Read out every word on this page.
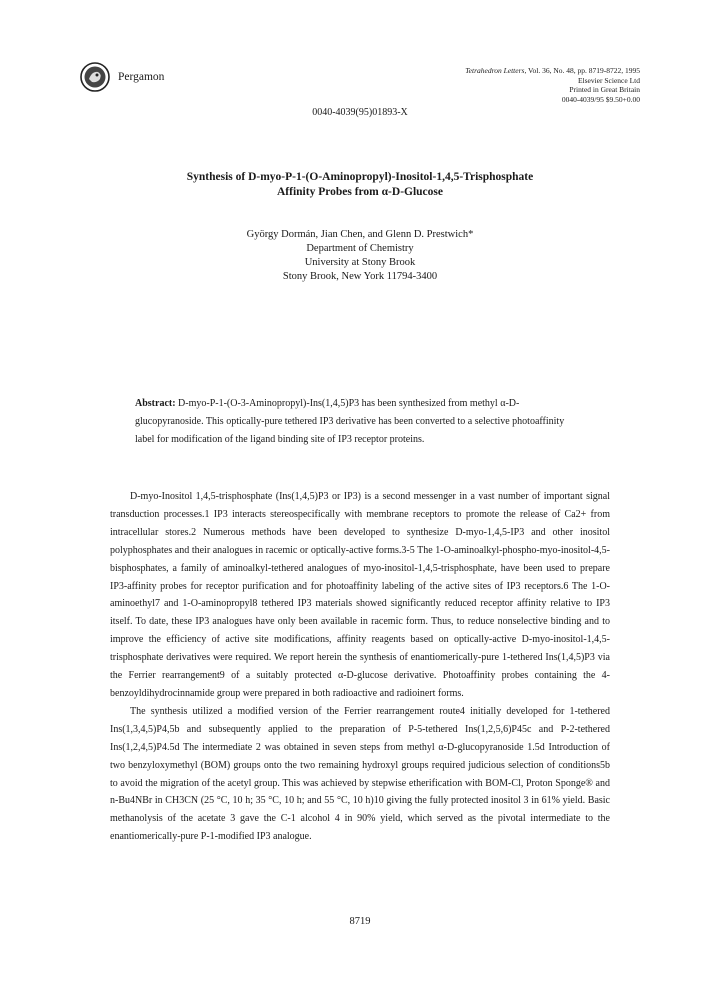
Pergamon
Tetrahedron Letters, Vol. 36, No. 48, pp. 8719-8722, 1995
Elsevier Science Ltd
Printed in Great Britain
0040-4039/95 $9.50+0.00
0040-4039(95)01893-X
Synthesis of D-myo-P-1-(O-Aminopropyl)-Inositol-1,4,5-Trisphosphate
Affinity Probes from α-D-Glucose
György Dormán, Jian Chen, and Glenn D. Prestwich*
Department of Chemistry
University at Stony Brook
Stony Brook, New York 11794-3400
Abstract: D-myo-P-1-(O-3-Aminopropyl)-Ins(1,4,5)P3 has been synthesized from methyl α-D-glucopyranoside. This optically-pure tethered IP3 derivative has been converted to a selective photoaffinity label for modification of the ligand binding site of IP3 receptor proteins.

D-myo-Inositol 1,4,5-trisphosphate (Ins(1,4,5)P3 or IP3) is a second messenger in a vast number of important signal transduction processes.1 IP3 interacts stereospecifically with membrane receptors to promote the release of Ca2+ from intracellular stores.2 Numerous methods have been developed to synthesize D-myo-1,4,5-IP3 and other inositol polyphosphates and their analogues in racemic or optically-active forms.3-5 The 1-O-aminoalkyl-phospho-myo-inositol-4,5-bisphosphates, a family of aminoalkyl-tethered analogues of myo-inositol-1,4,5-trisphosphate, have been used to prepare IP3-affinity probes for receptor purification and for photoaffinity labeling of the active sites of IP3 receptors.6 The 1-O-aminoethyl7 and 1-O-aminopropyl8 tethered IP3 materials showed significantly reduced receptor affinity relative to IP3 itself. To date, these IP3 analogues have only been available in racemic form. Thus, to reduce nonselective binding and to improve the efficiency of active site modifications, affinity reagents based on optically-active D-myo-inositol-1,4,5-trisphosphate derivatives were required. We report herein the synthesis of enantiomerically-pure 1-tethered Ins(1,4,5)P3 via the Ferrier rearrangement9 of a suitably protected α-D-glucose derivative. Photoaffinity probes containing the 4-benzoyldihydrocinnamide group were prepared in both radioactive and radioinert forms.

The synthesis utilized a modified version of the Ferrier rearrangement route4 initially developed for 1-tethered Ins(1,3,4,5)P4,5b and subsequently applied to the preparation of P-5-tethered Ins(1,2,5,6)P45c and P-2-tethered Ins(1,2,4,5)P4.5d The intermediate 2 was obtained in seven steps from methyl α-D-glucopyranoside 1.5d Introduction of two benzyloxymethyl (BOM) groups onto the two remaining hydroxyl groups required judicious selection of conditions5b to avoid the migration of the acetyl group. This was achieved by stepwise etherification with BOM-Cl, Proton Sponge® and n-Bu4NBr in CH3CN (25 °C, 10 h; 35 °C, 10 h; and 55 °C, 10 h)10 giving the fully protected inositol 3 in 61% yield. Basic methanolysis of the acetate 3 gave the C-1 alcohol 4 in 90% yield, which served as the pivotal intermediate to the enantiomerically-pure P-1-modified IP3 analogue.

8719
